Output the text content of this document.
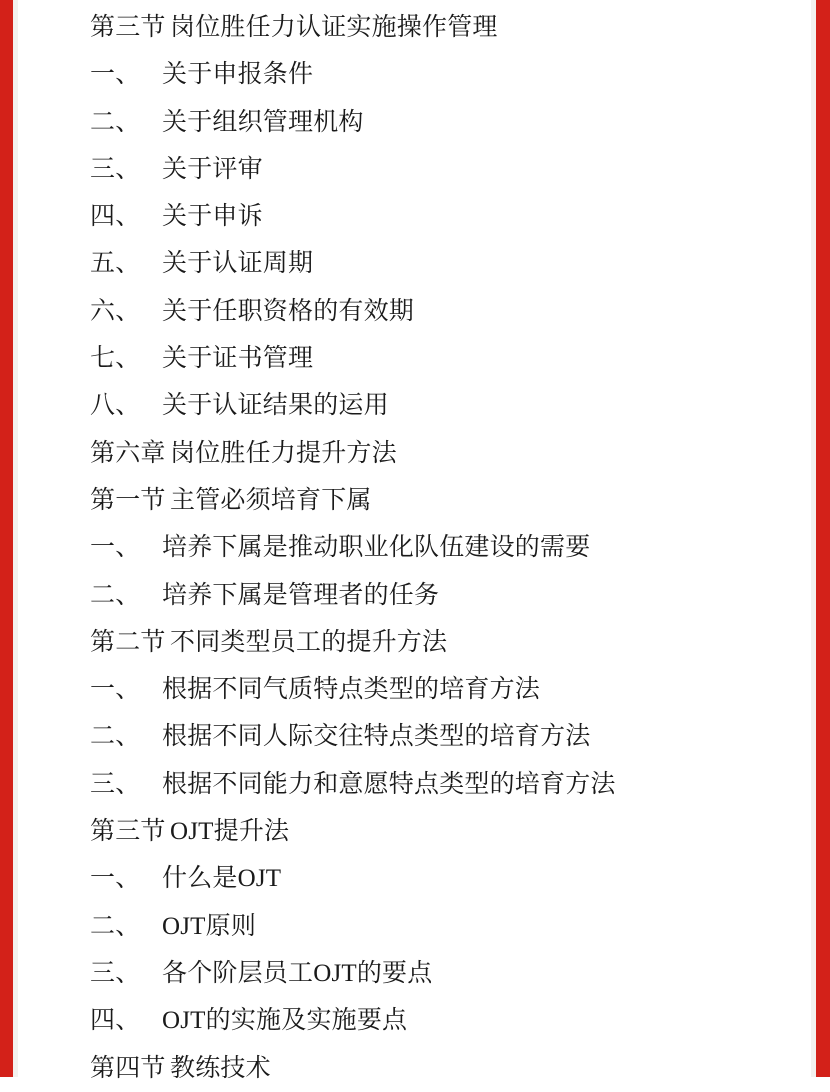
第三节 岗位胜任力认证实施操作管理
一、 关于申报条件
二、 关于组织管理机构
三、 关于评审
四、 关于申诉
五、 关于认证周期
六、 关于任职资格的有效期
七、 关于证书管理
八、 关于认证结果的运用
第六章 岗位胜任力提升方法
第一节 主管必须培育下属
一、 培养下属是推动职业化队伍建设的需要
二、 培养下属是管理者的任务
第二节 不同类型员工的提升方法
一、 根据不同气质特点类型的培育方法
二、 根据不同人际交往特点类型的培育方法
三、 根据不同能力和意愿特点类型的培育方法
第三节 OJT提升法
一、 什么是OJT
二、 OJT原则
三、 各个阶层员工OJT的要点
四、 OJT的实施及实施要点
第四节 教练技术
